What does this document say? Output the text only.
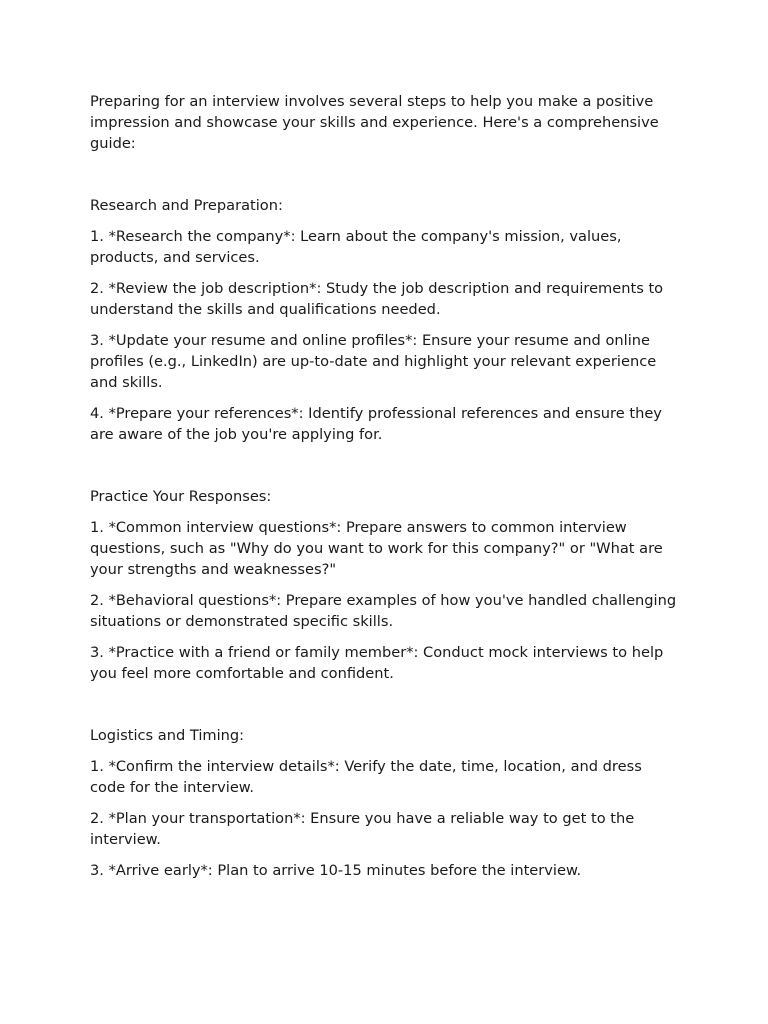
Preparing for an interview involves several steps to help you make a positive impression and showcase your skills and experience. Here's a comprehensive guide:

Research and Preparation:

1. *Research the company*: Learn about the company's mission, values, products, and services.

2. *Review the job description*: Study the job description and requirements to understand the skills and qualifications needed.

3. *Update your resume and online profiles*: Ensure your resume and online profiles (e.g., LinkedIn) are up-to-date and highlight your relevant experience and skills.

4. *Prepare your references*: Identify professional references and ensure they are aware of the job you're applying for.

Practice Your Responses:

1. *Common interview questions*: Prepare answers to common interview questions, such as "Why do you want to work for this company?" or "What are your strengths and weaknesses?"

2. *Behavioral questions*: Prepare examples of how you've handled challenging situations or demonstrated specific skills.

3. *Practice with a friend or family member*: Conduct mock interviews to help you feel more comfortable and confident.

Logistics and Timing:

1. *Confirm the interview details*: Verify the date, time, location, and dress code for the interview.

2. *Plan your transportation*: Ensure you have a reliable way to get to the interview.

3. *Arrive early*: Plan to arrive 10-15 minutes before the interview.
